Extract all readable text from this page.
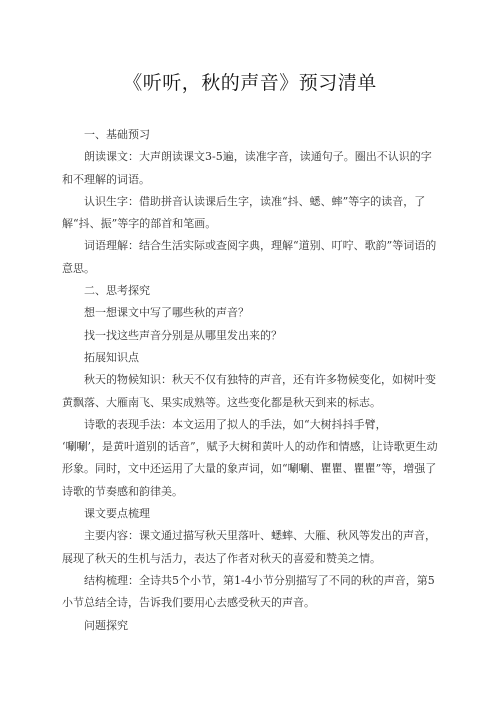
《听听，秋的声音》预习清单

一、基础预习

朗读课文：大声朗读课文3-5遍，读准字音，读通句子。圈出不认识的字和不理解的词语。

认识生字：借助拼音认读课后生字，读准“抖、蟋、蟀”等字的读音，了解“抖、振”等字的部首和笔画。

词语理解：结合生活实际或查阅字典，理解“道别、叮咛、歌韵”等词语的意思。

二、思考探究

想一想课文中写了哪些秋的声音？

找一找这些声音分别是从哪里发出来的？

拓展知识点

秋天的物候知识：秋天不仅有独特的声音，还有许多物候变化，如树叶变黄飘落、大雁南飞、果实成熟等。这些变化都是秋天到来的标志。

诗歌的表现手法：本文运用了拟人的手法，如“大树抖抖手臂，

‘唰唰’，是黄叶道别的话音”，赋予大树和黄叶人的动作和情感，让诗歌更生动形象。同时，文中还运用了大量的象声词，如“唰唰、瞿瞿、瞿瞿”等，增强了诗歌的节奏感和韵律美。

课文要点梳理

主要内容：课文通过描写秋天里落叶、蟋蟀、大雁、秋风等发出的声音，展现了秋天的生机与活力，表达了作者对秋天的喜爱和赞美之情。

结构梳理：全诗共5个小节，第1-4小节分别描写了不同的秋的声音，第5小节总结全诗，告诉我们要用心去感受秋天的声音。

问题探究
